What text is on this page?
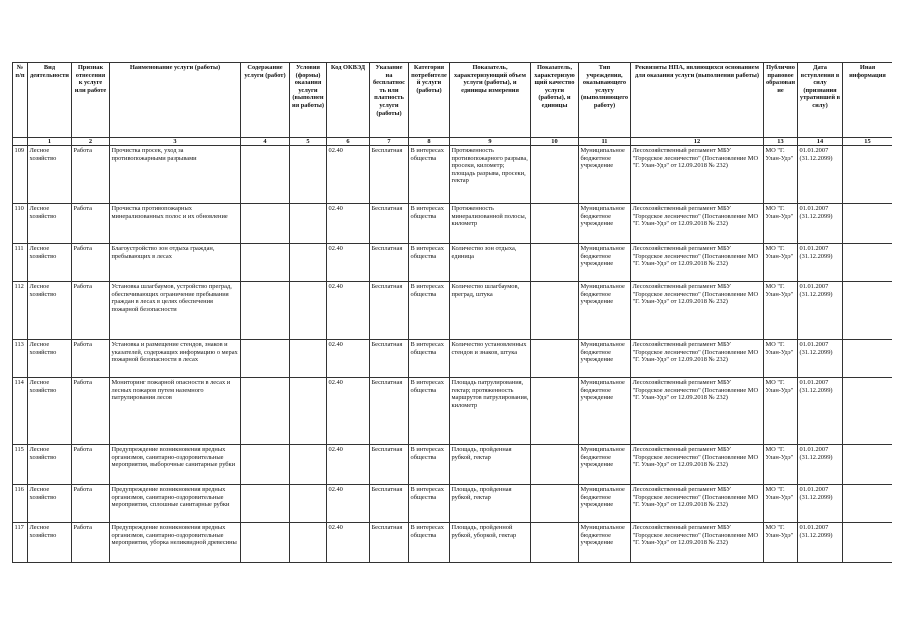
№ п/п	Вид деятельности	Признак отнесения к услуге или работе	Наименование услуги (работы)	Содержание услуги (работ)	Условия (формы) оказания услуги (выполнения работы)	Код ОКВЭД	Указание на бесплатность или платность услуги (работы)	Категория потребителей услуги (работы)	Показатель, характеризующий объем услуги (работы), и единицы измерения	Показатель, характеризующий качество услуги (работы), и единицы	Тип учреждения, оказывающего услугу (выполняющего работу)	Реквизиты НПА, являющихся основанием для оказания услуги (выполнения работы)	Публичноправовое образование	Дата вступления в силу (признания утратившей в силу)	Иная информация
	1	2	3	4	5	6	7	8	9	10	11	12	13	14	15
109	Лесное хозяйство	Работа	Прочистка просек, уход за противопожарными разрывами			02.40	Бесплатная	В интересах общества	Протяженность противопожарного разрыва, просеки, километр; площадь разрыва, просеки, гектар		Муниципальное бюджетное учреждение	Лесохозяйственный регламент МБУ "Городское лесничество" (Постановление МО "Г. Улан-Удэ" от 12.09.2018 № 232)	МО "Г. Улан-Удэ"	01.01.2007 (31.12.2099)	
110	Лесное хозяйство	Работа	Прочистка противопожарных минерализованных полос и их обновление			02.40	Бесплатная	В интересах общества	Протяженность минерализованной полосы, километр		Муниципальное бюджетное учреждение	Лесохозяйственный регламент МБУ "Городское лесничество" (Постановление МО "Г. Улан-Удэ" от 12.09.2018 № 232)	МО "Г. Улан-Удэ"	01.01.2007 (31.12.2099)	
111	Лесное хозяйство	Работа	Благоустройство зон отдыха граждан, пребывающих в лесах			02.40	Бесплатная	В интересах общества	Количество зон отдыха, единица		Муниципальное бюджетное учреждение	Лесохозяйственный регламент МБУ "Городское лесничество" (Постановление МО "Г. Улан-Удэ" от 12.09.2018 № 232)	МО "Г. Улан-Удэ"	01.01.2007 (31.12.2099)	
112	Лесное хозяйство	Работа	Установка шлагбаумов, устройство преград, обеспечивающих ограничение пребывания граждан в лесах в целях обеспечения пожарной безопасности			02.40	Бесплатная	В интересах общества	Количество шлагбаумов, преград, штука		Муниципальное бюджетное учреждение	Лесохозяйственный регламент МБУ "Городское лесничество" (Постановление МО "Г. Улан-Удэ" от 12.09.2018 № 232)	МО "Г. Улан-Удэ"	01.01.2007 (31.12.2099)	
113	Лесное хозяйство	Работа	Установка и размещение стендов, знаков и указателей, содержащих информацию о мерах пожарной безопасности в лесах			02.40	Бесплатная	В интересах общества	Количество установленных стендов и знаков, штука		Муниципальное бюджетное учреждение	Лесохозяйственный регламент МБУ "Городское лесничество" (Постановление МО "Г. Улан-Удэ" от 12.09.2018 № 232)	МО "Г. Улан-Удэ"	01.01.2007 (31.12.2099)	
114	Лесное хозяйство	Работа	Мониторинг пожарной опасности в лесах и лесных пожаров путем наземного патрулирования лесов			02.40	Бесплатная	В интересах общества	Площадь патрулирования, гектар; протяженность маршрутов патрулирования, километр		Муниципальное бюджетное учреждение	Лесохозяйственный регламент МБУ "Городское лесничество" (Постановление МО "Г. Улан-Удэ" от 12.09.2018 № 232)	МО "Г. Улан-Удэ"	01.01.2007 (31.12.2099)	
115	Лесное хозяйство	Работа	Предупреждение возникновения вредных организмов, санитарно-оздоровительные мероприятия, выборочные санитарные рубки			02.40	Бесплатная	В интересах общества	Площадь, пройденная рубкой, гектар		Муниципальное бюджетное учреждение	Лесохозяйственный регламент МБУ "Городское лесничество" (Постановление МО "Г. Улан-Удэ" от 12.09.2018 № 232)	МО "Г. Улан-Удэ"	01.01.2007 (31.12.2099)	
116	Лесное хозяйство	Работа	Предупреждение возникновения вредных организмов, санитарно-оздоровительные мероприятия, сплошные санитарные рубки			02.40	Бесплатная	В интересах общества	Площадь, пройденная рубкой, гектар		Муниципальное бюджетное учреждение	Лесохозяйственный регламент МБУ "Городское лесничество" (Постановление МО "Г. Улан-Удэ" от 12.09.2018 № 232)	МО "Г. Улан-Удэ"	01.01.2007 (31.12.2099)	
117	Лесное хозяйство	Работа	Предупреждение возникновения вредных организмов, санитарно-оздоровительные мероприятия, уборка неликвидной древесины			02.40	Бесплатная	В интересах общества	Площадь, пройденной рубкой, уборкой, гектар		Муниципальное бюджетное учреждение	Лесохозяйственный регламент МБУ "Городское лесничество" (Постановление МО "Г. Улан-Удэ" от 12.09.2018 № 232)	МО "Г. Улан-Удэ"	01.01.2007 (31.12.2099)	
